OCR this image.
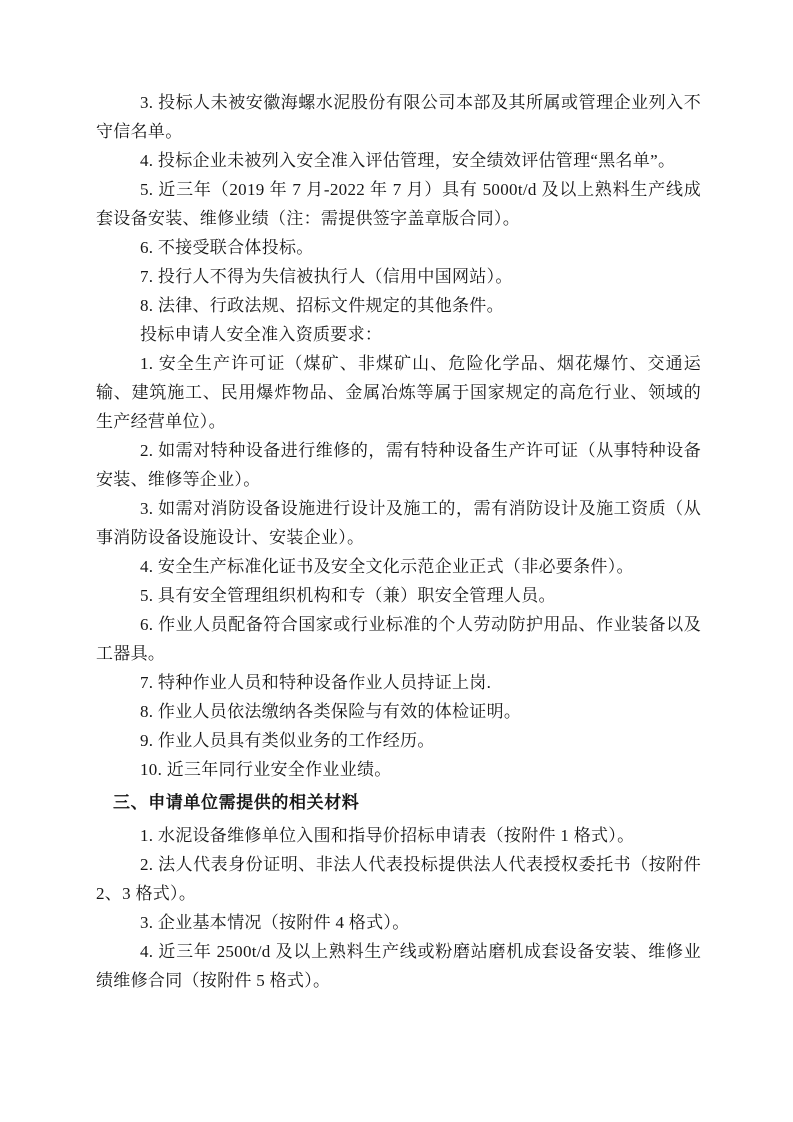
3. 投标人未被安徽海螺水泥股份有限公司本部及其所属或管理企业列入不守信名单。

4. 投标企业未被列入安全准入评估管理，安全绩效评估管理“黑名单”。

5. 近三年（2019 年 7 月-2022 年 7 月）具有 5000t/d 及以上熟料生产线成套设备安装、维修业绩（注：需提供签字盖章版合同）。

6. 不接受联合体投标。

7. 投行人不得为失信被执行人（信用中国网站）。

8. 法律、行政法规、招标文件规定的其他条件。

投标申请人安全准入资质要求：

1. 安全生产许可证（煤矿、非煤矿山、危险化学品、烟花爆竹、交通运输、建筑施工、民用爆炸物品、金属冶炼等属于国家规定的高危行业、领域的生产经营单位）。

2. 如需对特种设备进行维修的，需有特种设备生产许可证（从事特种设备安装、维修等企业）。

3. 如需对消防设备设施进行设计及施工的，需有消防设计及施工资质（从事消防设备设施设计、安装企业）。

4. 安全生产标准化证书及安全文化示范企业正式（非必要条件）。

5. 具有安全管理组织机构和专（兼）职安全管理人员。

6. 作业人员配备符合国家或行业标准的个人劳动防护用品、作业装备以及工器具。

7. 特种作业人员和特种设备作业人员持证上岗.

8. 作业人员依法缴纳各类保险与有效的体检证明。

9. 作业人员具有类似业务的工作经历。

10. 近三年同行业安全作业业绩。

三、申请单位需提供的相关材料

1. 水泥设备维修单位入围和指导价招标申请表（按附件 1 格式）。

2. 法人代表身份证明、非法人代表投标提供法人代表授权委托书（按附件 2、3 格式）。

3. 企业基本情况（按附件 4 格式）。

4. 近三年 2500t/d 及以上熟料生产线或粉磨站磨机成套设备安装、维修业绩维修合同（按附件 5 格式）。
